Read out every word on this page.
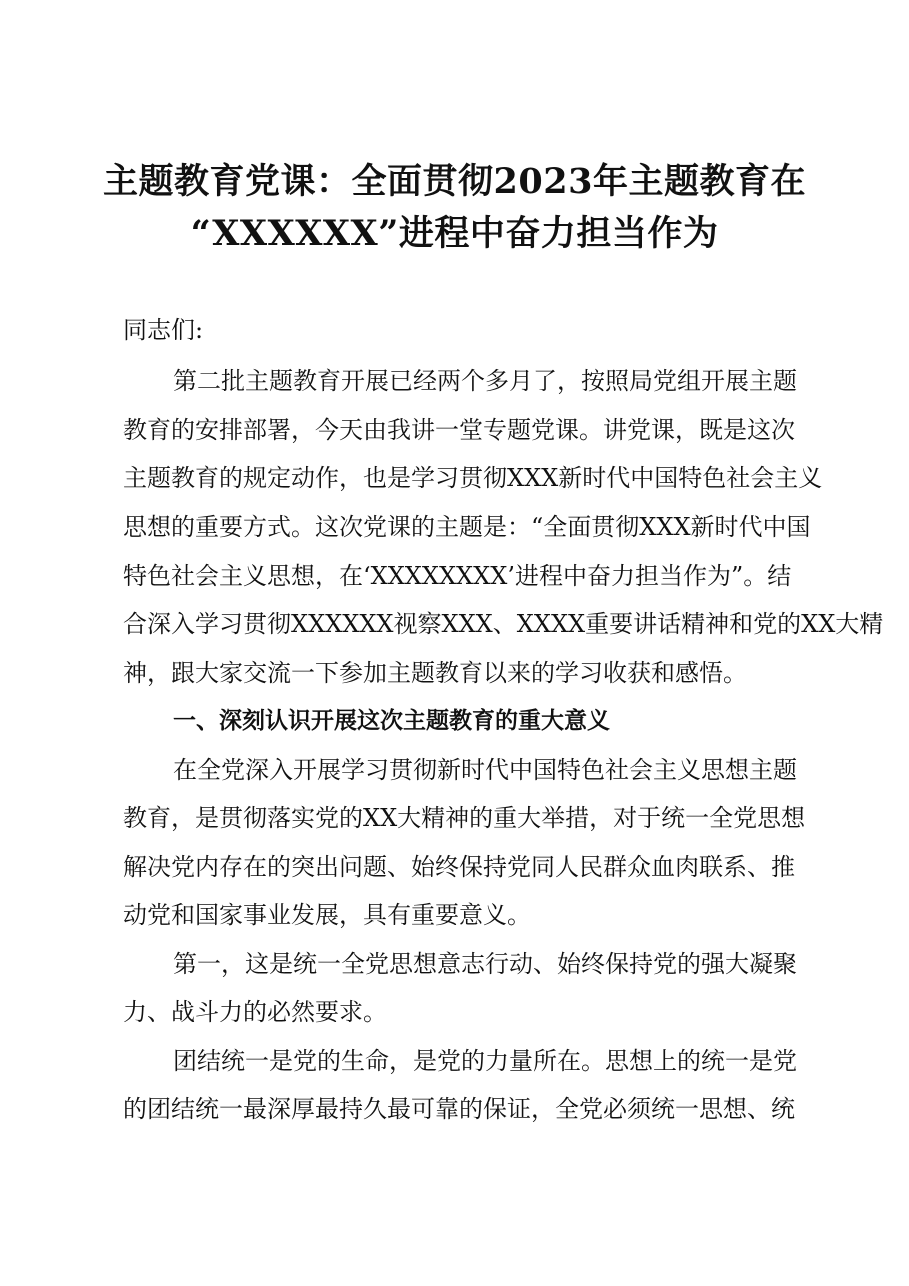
主题教育党课：全面贯彻2023年主题教育在
“XXXXXX”进程中奋力担当作为
同志们:
第二批主题教育开展已经两个多月了，按照局党组开展主题
教育的安排部署，今天由我讲一堂专题党课。讲党课，既是这次
主题教育的规定动作，也是学习贯彻XXX新时代中国特色社会主义
思想的重要方式。这次党课的主题是：“全面贯彻XXX新时代中国
特色社会主义思想，在‘XXXXXXXX’进程中奋力担当作为”。结
合深入学习贯彻XXXXXX视察XXX、XXXX重要讲话精神和党的XX大精
神，跟大家交流一下参加主题教育以来的学习收获和感悟。
一、深刻认识开展这次主题教育的重大意义
在全党深入开展学习贯彻新时代中国特色社会主义思想主题
教育，是贯彻落实党的XX大精神的重大举措，对于统一全党思想
解决党内存在的突出问题、始终保持党同人民群众血肉联系、推
动党和国家事业发展，具有重要意义。
第一，这是统一全党思想意志行动、始终保持党的强大凝聚
力、战斗力的必然要求。
团结统一是党的生命，是党的力量所在。思想上的统一是党
的团结统一最深厚最持久最可靠的保证，全党必须统一思想、统
